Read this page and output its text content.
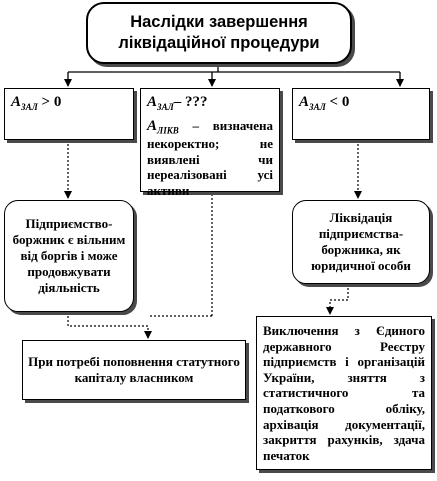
Наслідки завершення ліквідаційної процедури
$А_{ЗАЛ} > 0$	$А_{ЗАЛ}-$ ???
$А_{ЛІКВ}$ – визначена некоректно; не виявлені чи нереалізовані усі активи
$А_{ЗАЛ} < 0$
Підприємство-боржник є вільним від боргів і може продовжувати діяльність
Ліквідація підприємства-боржника, як юридичної особи
При потребі поповнення статутного капіталу власником
Виключення з Єдиного державного Реєстру підприємств і організацій України, зняття з статистичного та податкового обліку, архівація документації, закриття рахунків, здача печаток
